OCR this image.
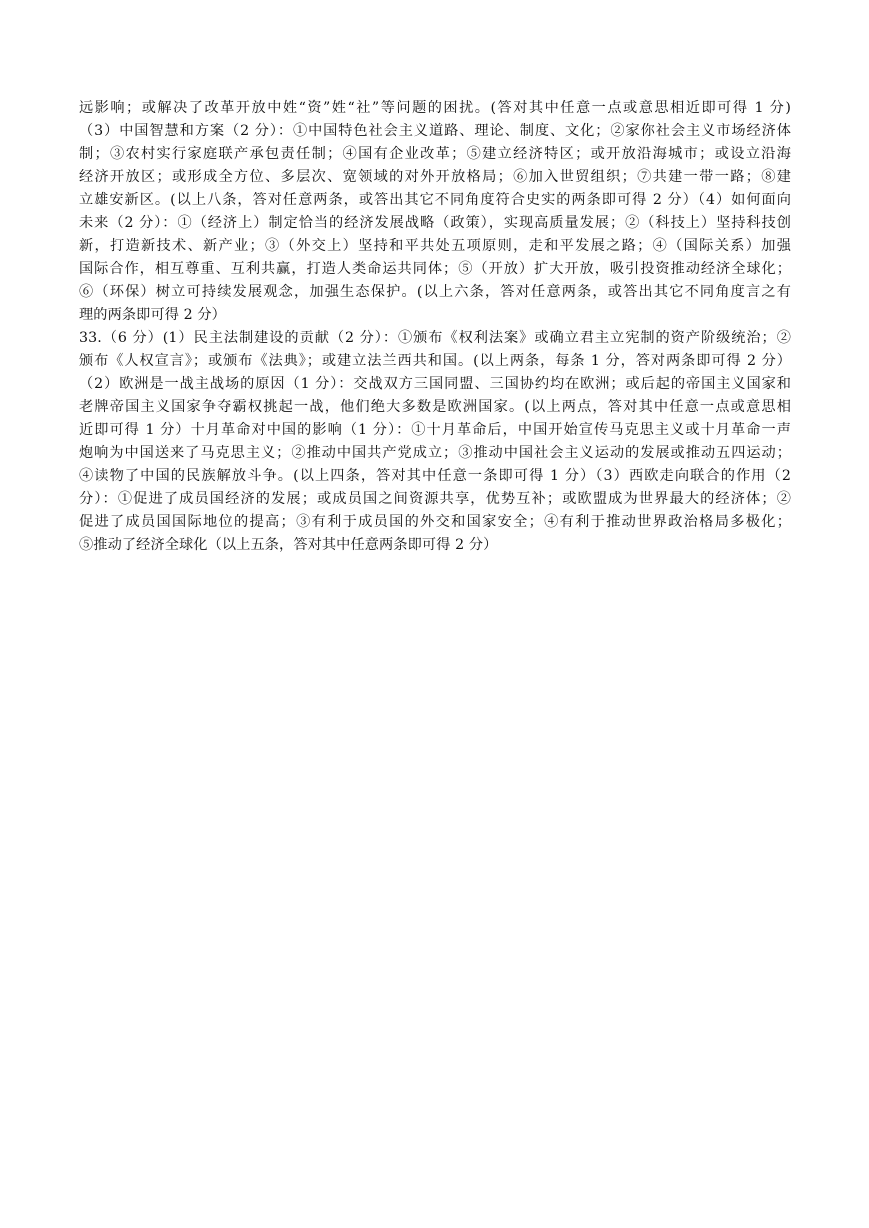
远影响；或解决了改革开放中姓“资”姓“社”等问题的困扰。(答对其中任意一点或意思相近即可得 1 分)
（3）中国智慧和方案（2 分）：①中国特色社会主义道路、理论、制度、文化；②家你社会主义市场经济体
制；③农村实行家庭联产承包责任制；④国有企业改革；⑤建立经济特区；或开放沿海城市；或设立沿海
经济开放区；或形成全方位、多层次、宽领域的对外开放格局；⑥加入世贸组织；⑦共建一带一路；⑧建
立雄安新区。(以上八条，答对任意两条，或答出其它不同角度符合史实的两条即可得 2 分）（4）如何面向
未来（2 分）：①（经济上）制定恰当的经济发展战略（政策），实现高质量发展；②（科技上）坚持科技创
新，打造新技术、新产业；③（外交上）坚持和平共处五项原则，走和平发展之路；④（国际关系）加强
国际合作，相互尊重、互利共赢，打造人类命运共同体；⑤（开放）扩大开放，吸引投资推动经济全球化；
⑥（环保）树立可持续发展观念，加强生态保护。(以上六条，答对任意两条，或答出其它不同角度言之有
理的两条即可得 2 分）
33.（6 分）(1）民主法制建设的贡献（2 分）：①颁布《权利法案》或确立君主立宪制的资产阶级统治；②
颁布《人权宣言》；或颁布《法典》；或建立法兰西共和国。(以上两条，每条 1 分，答对两条即可得 2 分）
（2）欧洲是一战主战场的原因（1 分）：交战双方三国同盟、三国协约均在欧洲；或后起的帝国主义国家和
老牌帝国主义国家争夺霸权挑起一战，他们绝大多数是欧洲国家。(以上两点，答对其中任意一点或意思相
近即可得 1 分）十月革命对中国的影响（1 分）：①十月革命后，中国开始宣传马克思主义或十月革命一声
炮响为中国送来了马克思主义；②推动中国共产党成立；③推动中国社会主义运动的发展或推动五四运动；
④读物了中国的民族解放斗争。(以上四条，答对其中任意一条即可得 1 分）（3）西欧走向联合的作用（2
分）：①促进了成员国经济的发展；或成员国之间资源共享，优势互补；或欧盟成为世界最大的经济体；②
促进了成员国国际地位的提高；③有利于成员国的外交和国家安全；④有利于推动世界政治格局多极化；
⑤推动了经济全球化（以上五条，答对其中任意两条即可得 2 分）
